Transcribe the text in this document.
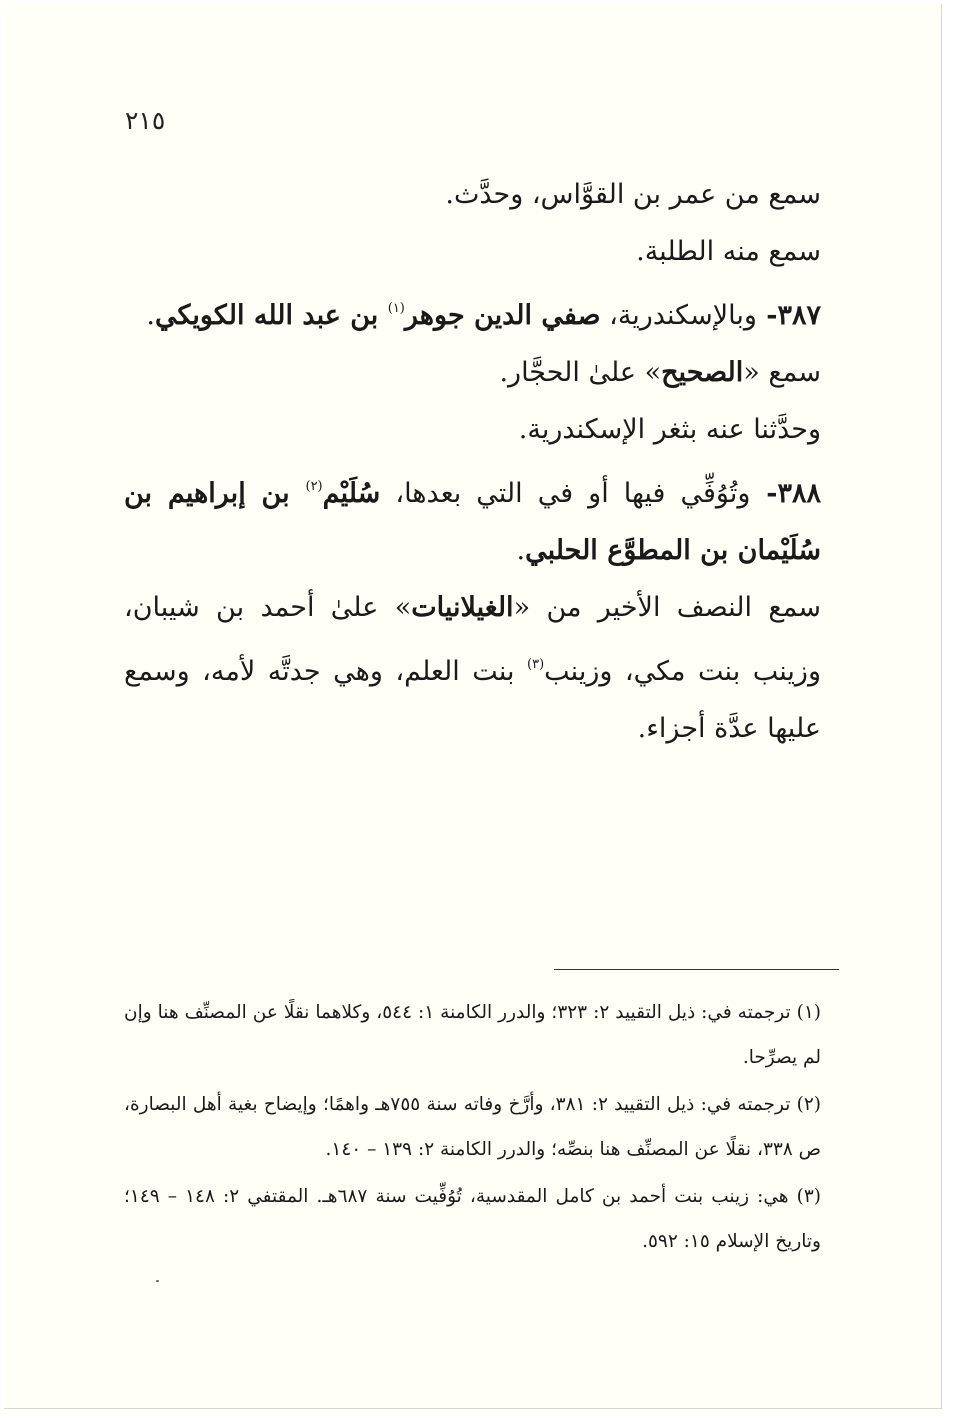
٢١٥

سمع من عمر بن القوَّاس، وحدَّث.

سمع منه الطلبة.

٣٨٧- وبالإسكندرية، صفي الدين جوهر$^{(١)}$ بن عبد الله الكويكي.

سمع «الصحيح» علىٰ الحجَّار.

وحدَّثنا عنه بثغر الإسكندرية.

٣٨٨- وتُوُفِّي فيها أو في التي بعدها، سُلَيْم$^{(٢)}$ بن إبراهيم بن سُلَيْمان بن المطوَّع الحلبي.

سمع النصف الأخير من «الغيلانيات» علىٰ أحمد بن شيبان، وزينب بنت مكي، وزينب$^{(٣)}$ بنت العلم، وهي جدتَّه لأمه، وسمع عليها عدَّة أجزاء.

(١) ترجمته في: ذيل التقييد ٢: ٣٢٣؛ والدرر الكامنة ١: ٥٤٤، وكلاهما نقلًا عن المصنِّف هنا وإن لم يصرِّحا.

(٢) ترجمته في: ذيل التقييد ٢: ٣٨١، وأرَّخ وفاته سنة ٧٥٥هـ واهمًا؛ وإيضاح بغية أهل البصارة، ص ٣٣٨، نقلًا عن المصنِّف هنا بنصِّه؛ والدرر الكامنة ٢: ١٣٩ – ١٤٠.

(٣) هي: زينب بنت أحمد بن كامل المقدسية، تُوُفِّيت سنة ٦٨٧هـ. المقتفي ٢: ١٤٨ – ١٤٩؛ وتاريخ الإسلام ١٥: ٥٩٢.
